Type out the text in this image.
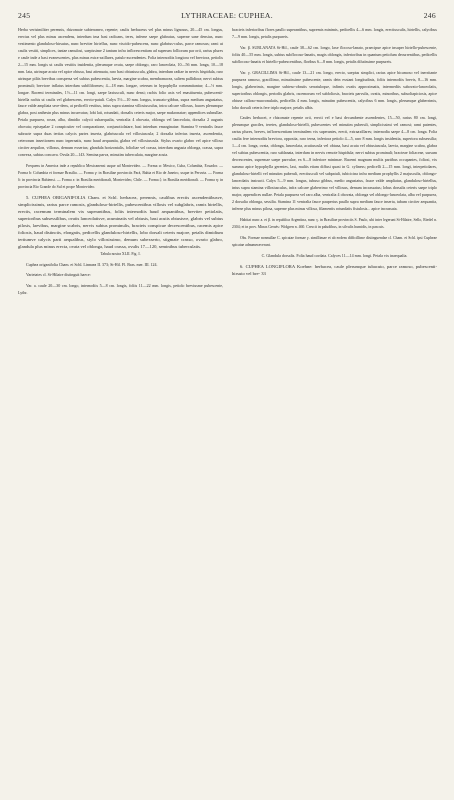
245	LYTHRACEAE: CUPHEA.	246

Herba verisimiliter perennis, rhizomate subterraneo, repente; caulis herbaceus vel plus minus lignosus, 20—45 cm. longus, erectus vel plus minus ascendens, interdum ima basi radicans, teres, inferne saepe glabratus, superne sane densius, nunc vestimento glanduloso-hirsutus, nunc breviter hirtellus, nunc viscido-pubescens, nunc glabrius-culus, parce ramosus; rami ut caulis vestiti, simplices, tantae ramulosi, saepissime 2 tantum infra inflorescentiam ad superum folliorum par orti, rarius plures e caule inde a basi evanescentes, plus minus extra-axillares, patulo-ascendentes. Folia internodiis longiora vel breviora, petiolis 2—15 mm. longis ut caulis vestitis insidentia, plerumque ovata, saepe oblongo, raro lanceolata, 10—56 mm. longa, 10—18 mm. lata, utrinque acuta vel apice obtusa, basi attenuata, raro basi obtusiuscula, glabra, interdum radiae in nervis hispidula, raro utrinque piliis brevibus conspersa vel subtus pubescentia, laevia, margine scabra, membranacea, saltem pallidiora; nervi subtus prominuli; breviore inflatus interdum subfiliformes; 4—18 mm. longae, ceterum in hypophylla commmitantur; 4—½ mm. longae. Racemi terminales, 1½—11 cm. longi, saepe laxiusculi, nunc densi; rachis folio axis vel enastituenta, pubescenti-hirtella rachis ut caulis vel glabrescens, erecto-patuli. Calyx 5½—10 mm. longus, truncato-gibbus, supra medium angustatus, fauce valde ampliata sece-dens, at pedicelli vestitus, intus supra stamina villosiusculus, intra calcare villosus, fauces plerumque glabra, post anthesin plus minus incurvatus; lobi lati, rotundati, dorsalis ceteris major, saepe mukronatae; appendices subnullae. Petala purpurea, rosea, alba, dimidio calycii subaequalia, ventralia 4 obovata, oblonga vel lanceolata, dorsalia 2 augusts obovata; episepalae 2 conspicuiter vel comparatione, conjunctiolatare, basi interdum emarginatae. Stamina 9 ventralis fauce subracte supra duas tertias calycis partes inserta, glabriuscula vel villosiuscula; 2 dorsalia inferius inserta, ascendentia, ceterorum insertionem nunc inpernatis, nunc haud aequantia, glabra vel villosiuscula. Stylus ovario glabro vel apice villoso circiter aequilon, villosus, demum exsertus; glandula horizontalis, folioliae vel crassa, interdum angusta oblonga, crassa, supra convexa, subtus concava. Ovula 20—143. Semina parva, minutim tuberculata, margine acuta.

Frequens in America inde a republica Mexicanensi usque ad Montevideo. — Forma α: Mexico, Cuba, Columbia, Ecuador. — Forma b: Columbia et formae Brasilia. — Forma γ: in Brasiliae provinciis Pará, Bahia et Rio de Janeiro, usque in Peruvia. — Forma δ: in provincia Bahiensi. — Forma ε: in Brasilia meridionali, Montevideo, Chile. — Forma ζ: in Brasilia meridionali. — Forma η: in provincia Rio Grande do Sul et prope Montevideo.

5. CUPHEA ORIGANIFOLIA Cham. et Schl. herbacea, perennis, caulibus erectis ascendentibusve, simplicissimis, rarius parce ramosis, glanduloso-hirtellis, pubescentibus villosis vel subglabris, ramis hirtellis, erectis, racemum terminalem vix superantibus, foliis internodiis haud aequantibus, breviter petiolatis, superioribus subsessilibus, ovatis lanceolatisve, acuminatis vel obtusis, basi acutis obtusisve, glabris vel subtus pilosis, laevibus, margine scabris, nervis subtus prominulis, bracteis conspicue decrescentibus, racemis apice foliosis, haud distinctis, elongatis, pedicellis glanduloso-hirtellis, lobo dorsali ceteris majore, petalis dimidium tertiumve calycis parti aequalibus, stylo villosissimo, demum subexserto, stigmate crasso, ovario glabro, glandula plus minus erecta, ovata vel oblonga, haud crassa, ovulis 17—120, seminibus tuberculatis.

Tabula nostra XLII. Fig. I.

Cuphea origanifolia Cham. et Schl. Linnaea II. 373; St-Hil. Fl. Bras. mer. III. 124.

Varietates cl. St-Hilaire distinguit haece:

Var. a. caule 20—30 cm. longo, internodiis 5—8 cm. longis, foliis 11—22 mm. longis, petiolo breviusme pubescente, Lythr.

bracteis inferioribus flores paullo superantibus, supremis minimis, pedicellis 4—6 mm. longis, erectiusculis, hirtellis, calycibus 7—9 mm. longis, petalis purpureis.

Var. β. SUBLANATA St-Hil., caule 38—62 cm. longo, laxe flocoso-lanato, praecipue apice insuper hirtello-pubescente, foliis 40—55 mm. longis, subtus subflocoso-lanatis, magis oblongis, inferioribus in quantum petiolum decurrentibus, pedicellis subflocoso-lanatis et hirtello-pubescentibus, floribus 6—8 mm. longis, petalis dilutissime purpureis.

Var. γ. GRACILLIMA St-Hil., caule 13—21 cm. longo, erecto, saepius simplici, rarius apice bicamoso vel inerritante purpurea ramoso, gracillimo, minutissime pubescente, ramis dein exstant longitudinis, foliis internodiis brevis, 8—16 mm. longis, glaberrimis, margine subteso-obrutis serratuloque, infimis ovatis approximatis, intermediis subovato-lanceolatis, superioribus oblongis, periodis glabris, racemorum vel subfoliosis, bracteis parvulis, ovatis, minoribus, subsoltapiciosis, apice obtuse calloso-mucronulatis, pedicellis 4 mm. longis, minutim pubescentis, calycibus 6 mm. longis, plerumque glaberrimis, lobo dorsali ceteris fere triplo majore, petalis albis.

Caules herbacei, e rhizomate repente orti, erecti vel e basi decumbente ascendentes, 15—50, rarius 80 cm. longi, plerumque graciles, teretes, glanduloso-hirtelli, pubescentes vel minutim puberuli, simplicissimi vel ramosi; rami patentes, rarius plures, breves, inflorescentiam terminalem vix superantes, erecti, extraaxillares; internodia saepe 4—8 cm. longa. Folia caulia fere internodiis breviora, opposita, raro terna, inferiora petiolo 4—5, raro 8 mm. longis insidentia, superiora subsessilia; 1—4 cm. longa, ovata, oblonga, lanceolata, acutiuscula vel obtusa, basi acuta vel obtusiuscula, laevia, margine scabra, glabra vel subtus pubescentia, raro sublanata, interdum in nervis remote hispidula; nervi subtus prominuli; bracteae foliaceae, sursum decrescentes, supremae saepe parvulae, ex 6—8 inferiore minimae. Racemi magnum multis partibus occupantes, foliosi, vix summo apice hypophylla gerentes, laxi, multis etiam diffusi quasi in G. cyliness; pedicelli 2—15 mm. longi, interpetiolares, glanduloso-hirtelli vel minutim puberuli, erectiusculi vel subpatuli, tubicicina infra medium prophyllis 2 majusculis, oblongo-lanceolatis instructi. Calyx 5—9 mm. longus, tubuso gibbus, medio angustatus, fauce valde ampliatus, glanduloso-hirtellus, intus supra stamina villosiusculus, infra calcare glaberrimo vel villosus, demum incrassatus; lobus dorsalis ceteris saepe triplo major, appendices nullae. Petala purpurea vel raro alba, ventralia 4 obovata, oblonga vel oblongo-lanceolata, alba vel purpurea, 2 dorsalia oblonga, sessilia. Stamina 11 ventralia fauce pauperius paullo supra medium fauce inserta, tubum circiter aequantia, inferne plus minus pilosa, superne plus minus villosa, filamentis rotundatis fistulosis... apice incrassata.

Habitat nunc a. et β. in republica Argentina, nunc γ. in Brasiliae provinciis S. Paulo, ubi inter legerunt St-Hilaire, Sello, Riedel n. 2304; et in prov. Minas Geraës: Widgren n. 460. Crescit in paludibus, in silvulis humidis, in pascuis.

Obs. Formae nonnullae C. spicatae formae γ. simillimae et ab eodem difficillime distinguendae cl. Cham. et Schl. ipsi Cupheae spicatae adnumeraverunt.

C. Glandula dorsalis. Folia haud cordata. Calyces 11—14 mm. longi. Petala vix inaequalia.

6. CUPHEA LONGIFLORA Koehne: herbacea, caule plerumque tubacuto, parce ramoso, pubescenti-hirsuto vel bre- 33
